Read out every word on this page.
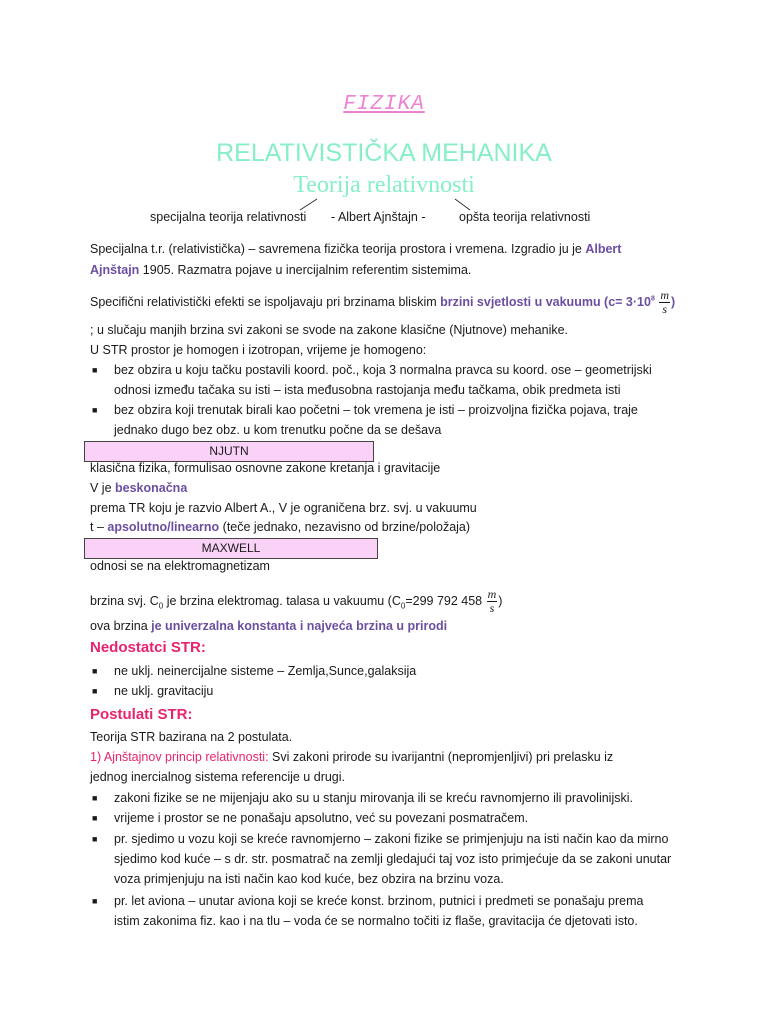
FIZIKA
RELATIVISTIČKA MEHANIKA
Teorija relativnosti
specijalna teorija relativnosti - Albert Ajnštajn -	opšta teorija relativnosti
Specijalna t.r. (relativistička) – savremena fizička teorija prostora i vremena. Izgradio ju je Albert
Ajnštajn 1905. Razmatra pojave u inercijalnim referentim sistemima.
Specifični relativistički efekti se ispoljavaju pri brzinama bliskim brzini svjetlosti u vakuumu ($c= 3\cdot 10^8 \frac{m}{s}$ )
; u slučaju manjih brzina svi zakoni se svode na zakone klasične (Njutnove) mehanike.
U STR prostor je homogen i izotropan, vrijeme je homogeno:
■ bez obzira u koju tačku postavili koord. poč., koja 3 normalna pravca su koord. ose – geometrijski
odnosi između tačaka su isti – ista međusobna rastojanja među tačkama, obik predmeta isti
■ bez obzira koji trenutak birali kao početni – tok vremena je isti – proizvoljna fizička pojava, traje
jednako dugo bez obz. u kom trenutku počne da se dešava
NJUTN
klasična fizika, formulisao osnovne zakone kretanja i gravitacije
V je beskonačna
prema TR koju je razvio Albert A., V je ograničena brz. svj. u vakuumu
t – apsolutno/linearno (teče jednako, nezavisno od brzine/položaja)
MAXWELL
odnosi se na elektromagnetizam
brzina svj. $C_0$ je brzina elektromag. talasa u vakuumu ($C_0=299$ 792 $458 \frac{m}{s}$ )
ova brzina je univerzalna konstanta i najveća brzina u prirodi
Nedostatci STR:
■ ne uklj. neinercijalne sisteme – Zemlja,Sunce,galaksija
■ ne uklj. gravitaciju
Postulati STR:
Teorija STR bazirana na 2 postulata.
1) Ajnštajnov princip relativnosti: Svi zakoni prirode su ivarijantni (nepromjenljivi) pri prelasku iz
jednog inercialnog sistema referencije u drugi.
■ zakoni fizike se ne mijenjaju ako su u stanju mirovanja ili se kreću ravnomjerno ili pravolinijski.
■ vrijeme i prostor se ne ponašaju apsolutno, već su povezani posmatračem.
■ pr. sjedimo u vozu koji se kreće ravnomjerno – zakoni fizike se primjenjuju na isti način kao da mirno
sjedimo kod kuće – s dr. str. posmatrač na zemlji gledajući taj voz isto primjećuje da se zakoni unutar
voza primjenjuju na isti način kao kod kuće, bez obzira na brzinu voza.
■ pr. let aviona – unutar aviona koji se kreće konst. brzinom, putnici i predmeti se ponašaju prema
istim zakonima fiz. kao i na tlu – voda će se normalno točiti iz flaše, gravitacija će djetovati isto.
